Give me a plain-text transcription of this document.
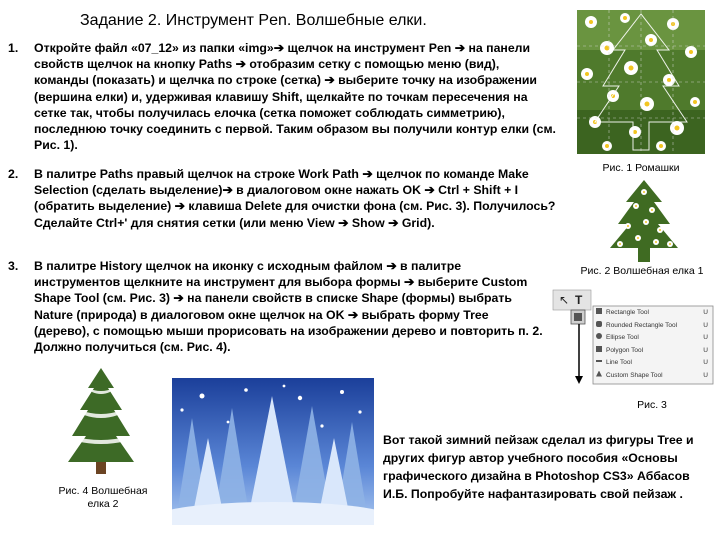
Задание 2. Инструмент Pen. Волшебные елки.
1. Откройте файл «07_12» из папки «img»➔ щелчок на инструмент Pen ➔ на панели свойств щелчок на кнопку Paths ➔ отобразим сетку с помощью меню (вид), команды (показать) и щелчка по строке (сетка) ➔ выберите точку на изображении (вершина елки) и, удерживая клавишу Shift, щелкайте по точкам пересечения на сетке так, чтобы получилась елочка (сетка поможет соблюдать симметрию), последнюю точку соединить с первой. Таким образом вы получили контур елки (см. Рис. 1).
2. В палитре Paths правый щелчок на строке Work Path ➔ щелчок по команде Make Selection (сделать выделение)➔ в диалоговом окне нажать OK ➔ Ctrl + Shift + I (обратить выделение) ➔ клавиша Delete для очистки фона (см. Рис. 3). Получилось? Сделайте Ctrl+' для снятия сетки (или меню View ➔ Show ➔ Grid).
3. В палитре History щелчок на иконку с исходным файлом ➔ в палитре инструментов щелкните на инструмент для выбора формы ➔ выберите Custom Shape Tool (см. Рис. 3) ➔ на панели свойств в списке Shape (формы) выбрать Nature (природа) в диалоговом окне щелчок на OK ➔ выбрать форму Tree (дерево), с помощью мыши прорисовать на изображении дерево и повторить п. 2. Должно получиться (см. Рис. 4).
Рис. 1 Ромашки
Рис. 2 Волшебная елка 1
↖ T
Rectangle Tool	U
Rounded Rectangle Tool	U
Ellipse Tool	U
Polygon Tool	U
Line Tool	U
Custom Shape Tool	U
Рис. 3
Рис. 4 Волшебная елка 2
Вот такой зимний пейзаж сделал из фигуры Tree и других фигур автор учебного пособия «Основы графического дизайна в Photoshop CS3» Аббасов И.Б. Попробуйте нафантазировать свой пейзаж .
